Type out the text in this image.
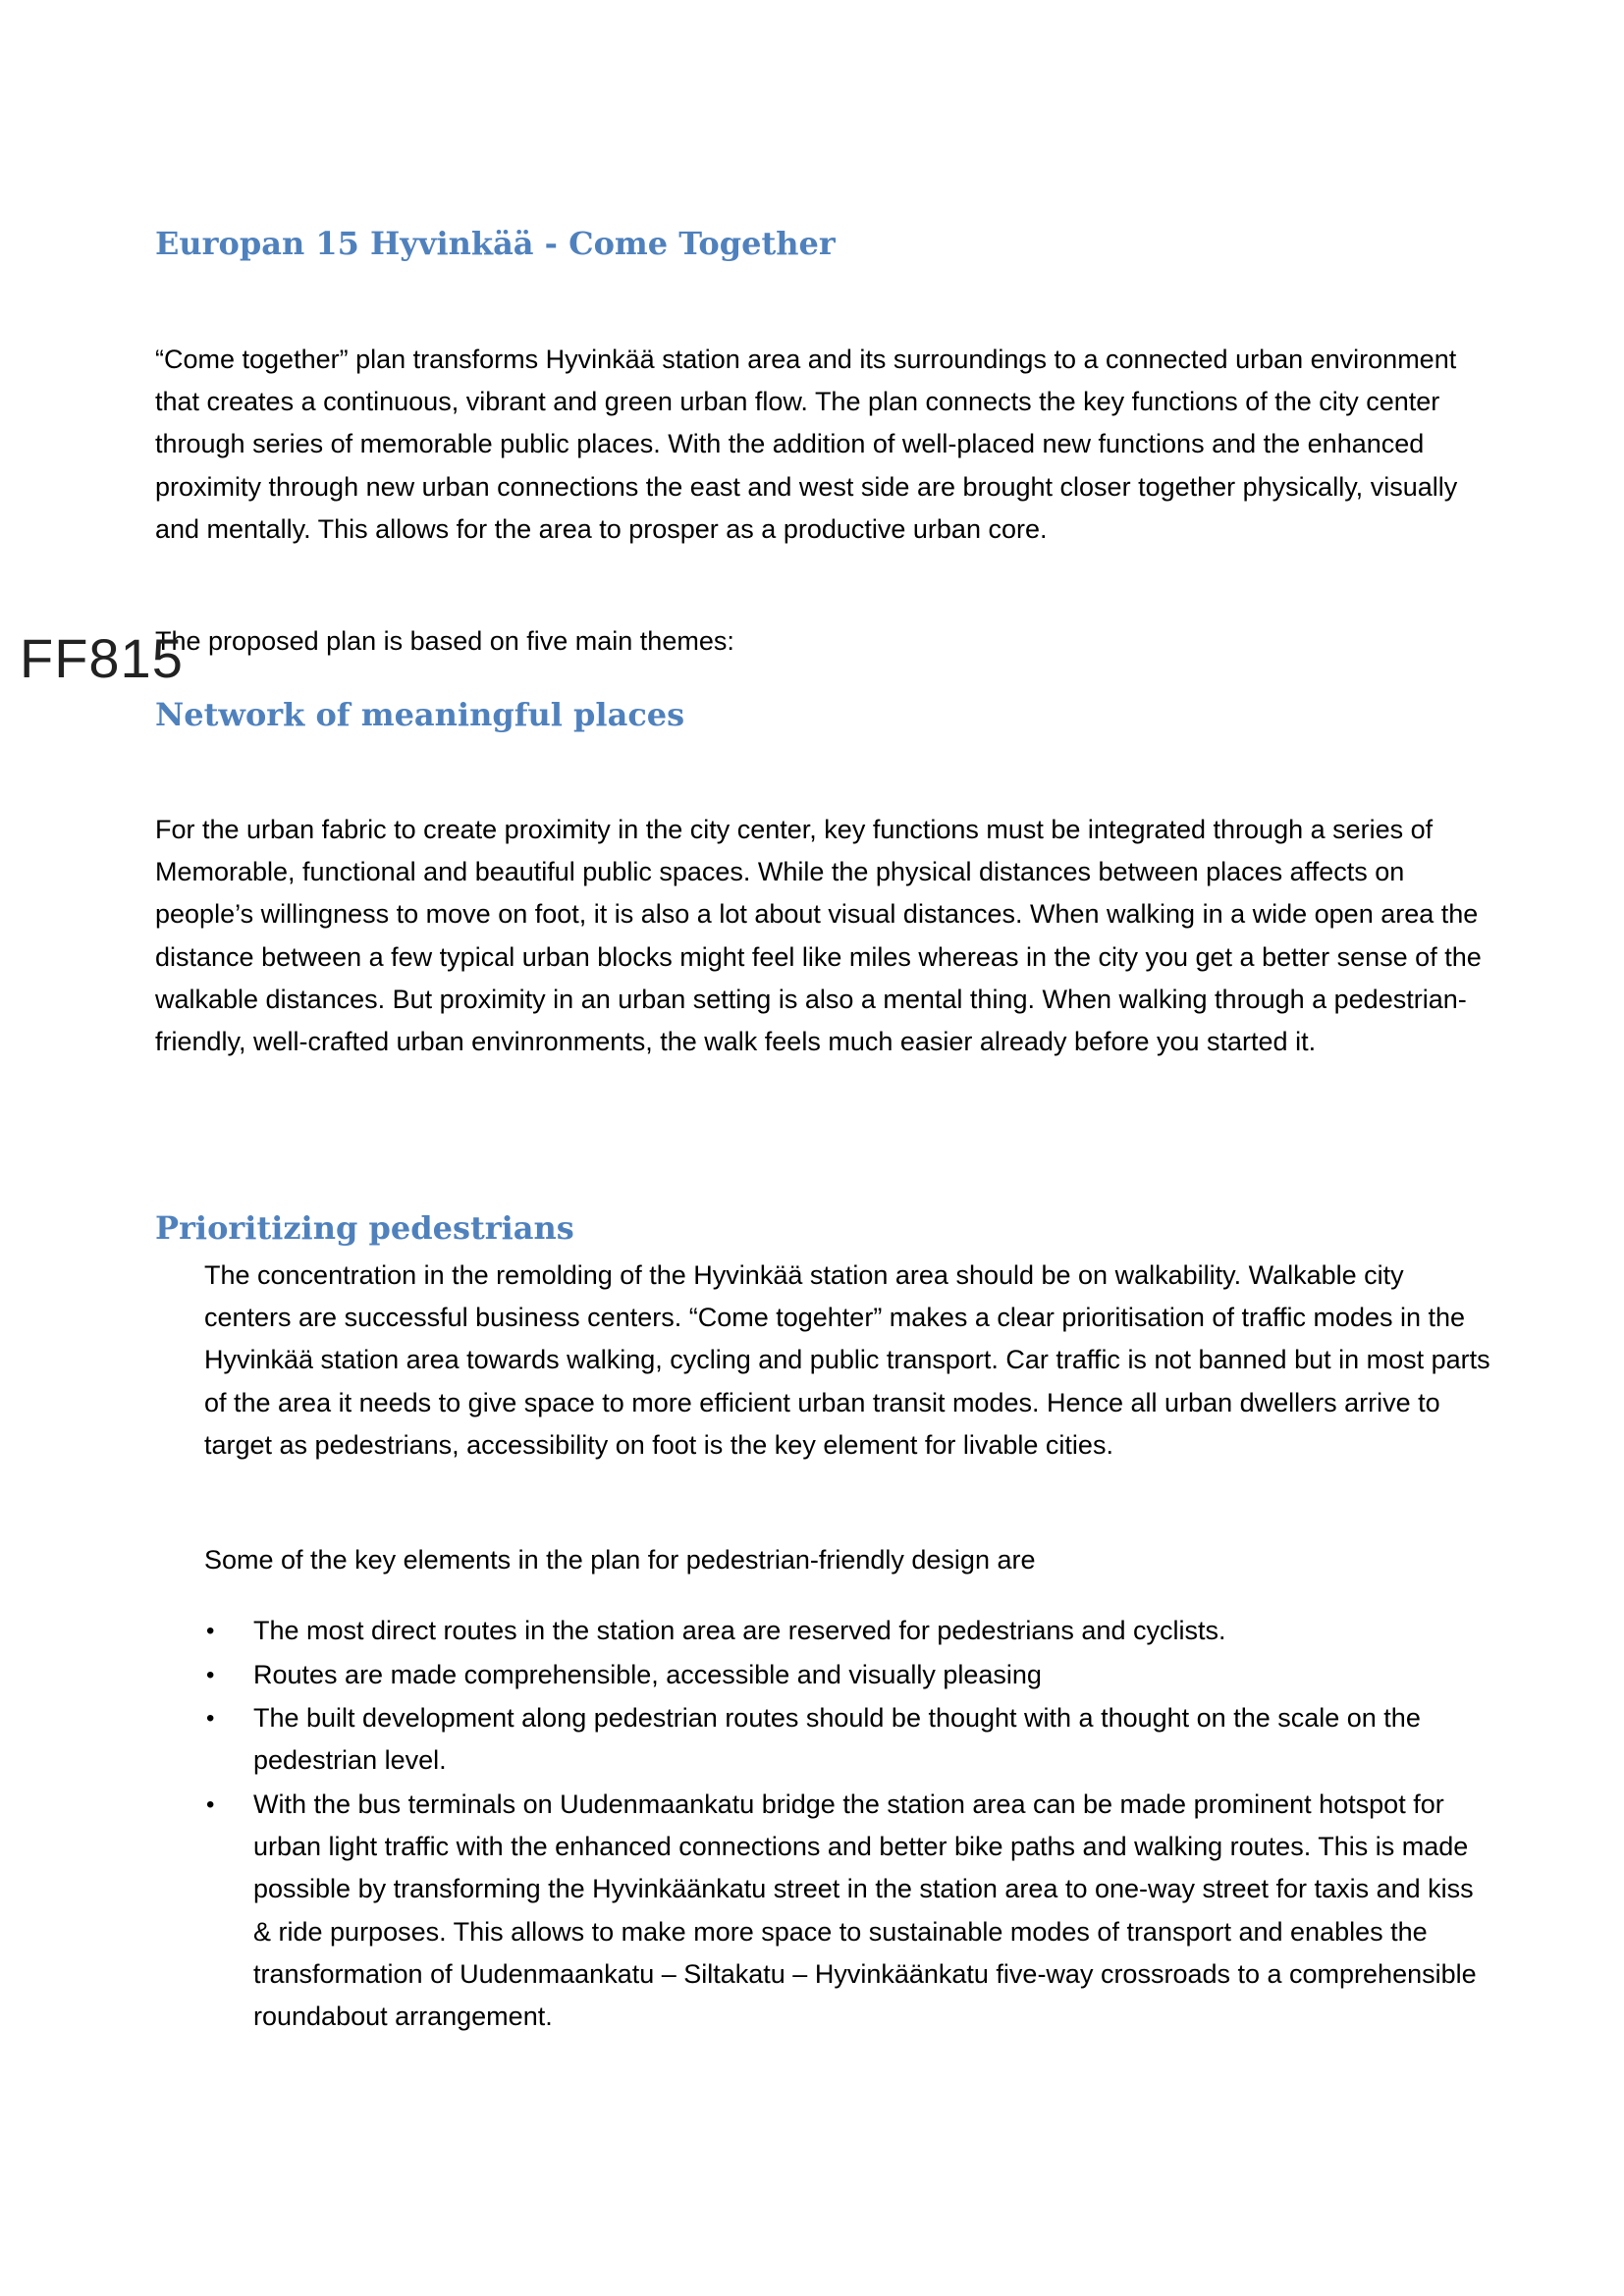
Europan 15 Hyvinkää - Come Together

“Come together” plan transforms Hyvinkää station area and its surroundings to a connected urban environment that creates a continuous, vibrant and green urban flow. The plan connects the key functions of the city center through series of memorable public places. With the addition of well-placed new functions and the enhanced proximity through new urban connections the east and west side are brought closer together physically, visually and mentally. This allows for the area to prosper as a productive urban core.

The proposed plan is based on five main themes:

FF815
Network of meaningful places

For the urban fabric to create proximity in the city center, key functions must be integrated through a series of Memorable, functional and beautiful public spaces. While the physical distances between places affects on people’s willingness to move on foot, it is also a lot about visual distances. When walking in a wide open area the distance between a few typical urban blocks might feel like miles whereas in the city you get a better sense of the walkable distances. But proximity in an urban setting is also a mental thing. When walking through a pedestrian-friendly, well-crafted urban envinronments, the walk feels much easier already before you started it.

Prioritizing pedestrians

The concentration in the remolding of the Hyvinkää station area should be on walkability. Walkable city centers are successful business centers. “Come togehter” makes a clear prioritisation of traffic modes in the Hyvinkää station area towards walking, cycling and public transport. Car traffic is not banned but in most parts of the area it needs to give space to more efficient urban transit modes. Hence all urban dwellers arrive to target as pedestrians, accessibility on foot is the key element for livable cities.

Some of the key elements in the plan for pedestrian-friendly design are

• The most direct routes in the station area are reserved for pedestrians and cyclists.
• Routes are made comprehensible, accessible and visually pleasing
• The built development along pedestrian routes should be thought with a thought on the scale on the pedestrian level.
• With the bus terminals on Uudenmaankatu bridge the station area can be made prominent hotspot for urban light traffic with the enhanced connections and better bike paths and walking routes. This is made possible by transforming the Hyvinkäänkatu street in the station area to one-way street for taxis and kiss & ride purposes. This allows to make more space to sustainable modes of transport and enables the transformation of Uudenmaankatu – Siltakatu – Hyvinkäänkatu five-way crossroads to a comprehensible roundabout arrangement.
